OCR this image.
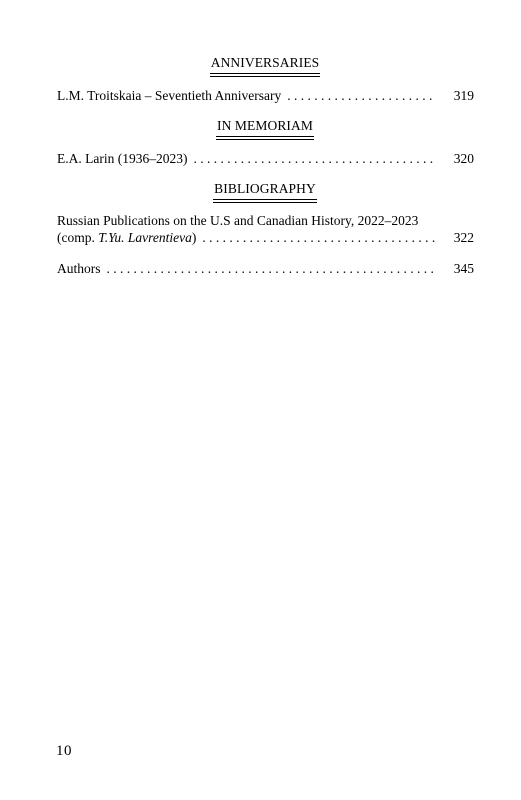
ANNIVERSARIES
L.M. Troitskaia – Seventieth Anniversary . . .	319
IN MEMORIAM
E.A. Larin (1936–2023) . . .	320
BIBLIOGRAPHY
Russian Publications on the U.S and Canadian History, 2022–2023
(comp. T.Yu. Lavrentieva) . . .	322
Authors . . .	345
10
